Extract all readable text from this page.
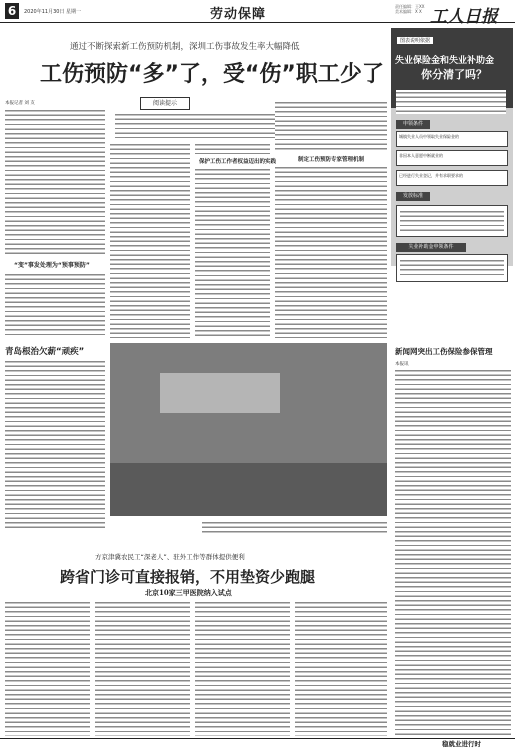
6	2020年11月30日 星期一	劳动保障
责任编辑：王XX
美术编辑：X X 工人日报
通过不断探索新工伤预防机制，深圳工伤事故发生率大幅降低
工伤预防“多”了，受“伤”职工少了
阅读提示
本报记者 刘 友
“变”事发处理为“预事预防”
青岛根治欠薪“顽疾”
保护工伤工作者权益迈出的实践	制定工伤预防专家管理机制
劳务实名制
图表说明依据
失业保险金和失业补助金
你分清了吗？
申领条件
城镇失业人员中领取失业保险金的
非因本人意愿中断就业的
已经进行失业登记，并有求职要求的
发放标准
失业补助金申领条件
新闻网突出工伤保险参保管理
本报讯
方京津冀农民工“深老人”、驻外工作等群体提供便利
跨省门诊可直接报销，不用垫资少跑腿
北京10家三甲医院纳入试点
稳就业进行时
